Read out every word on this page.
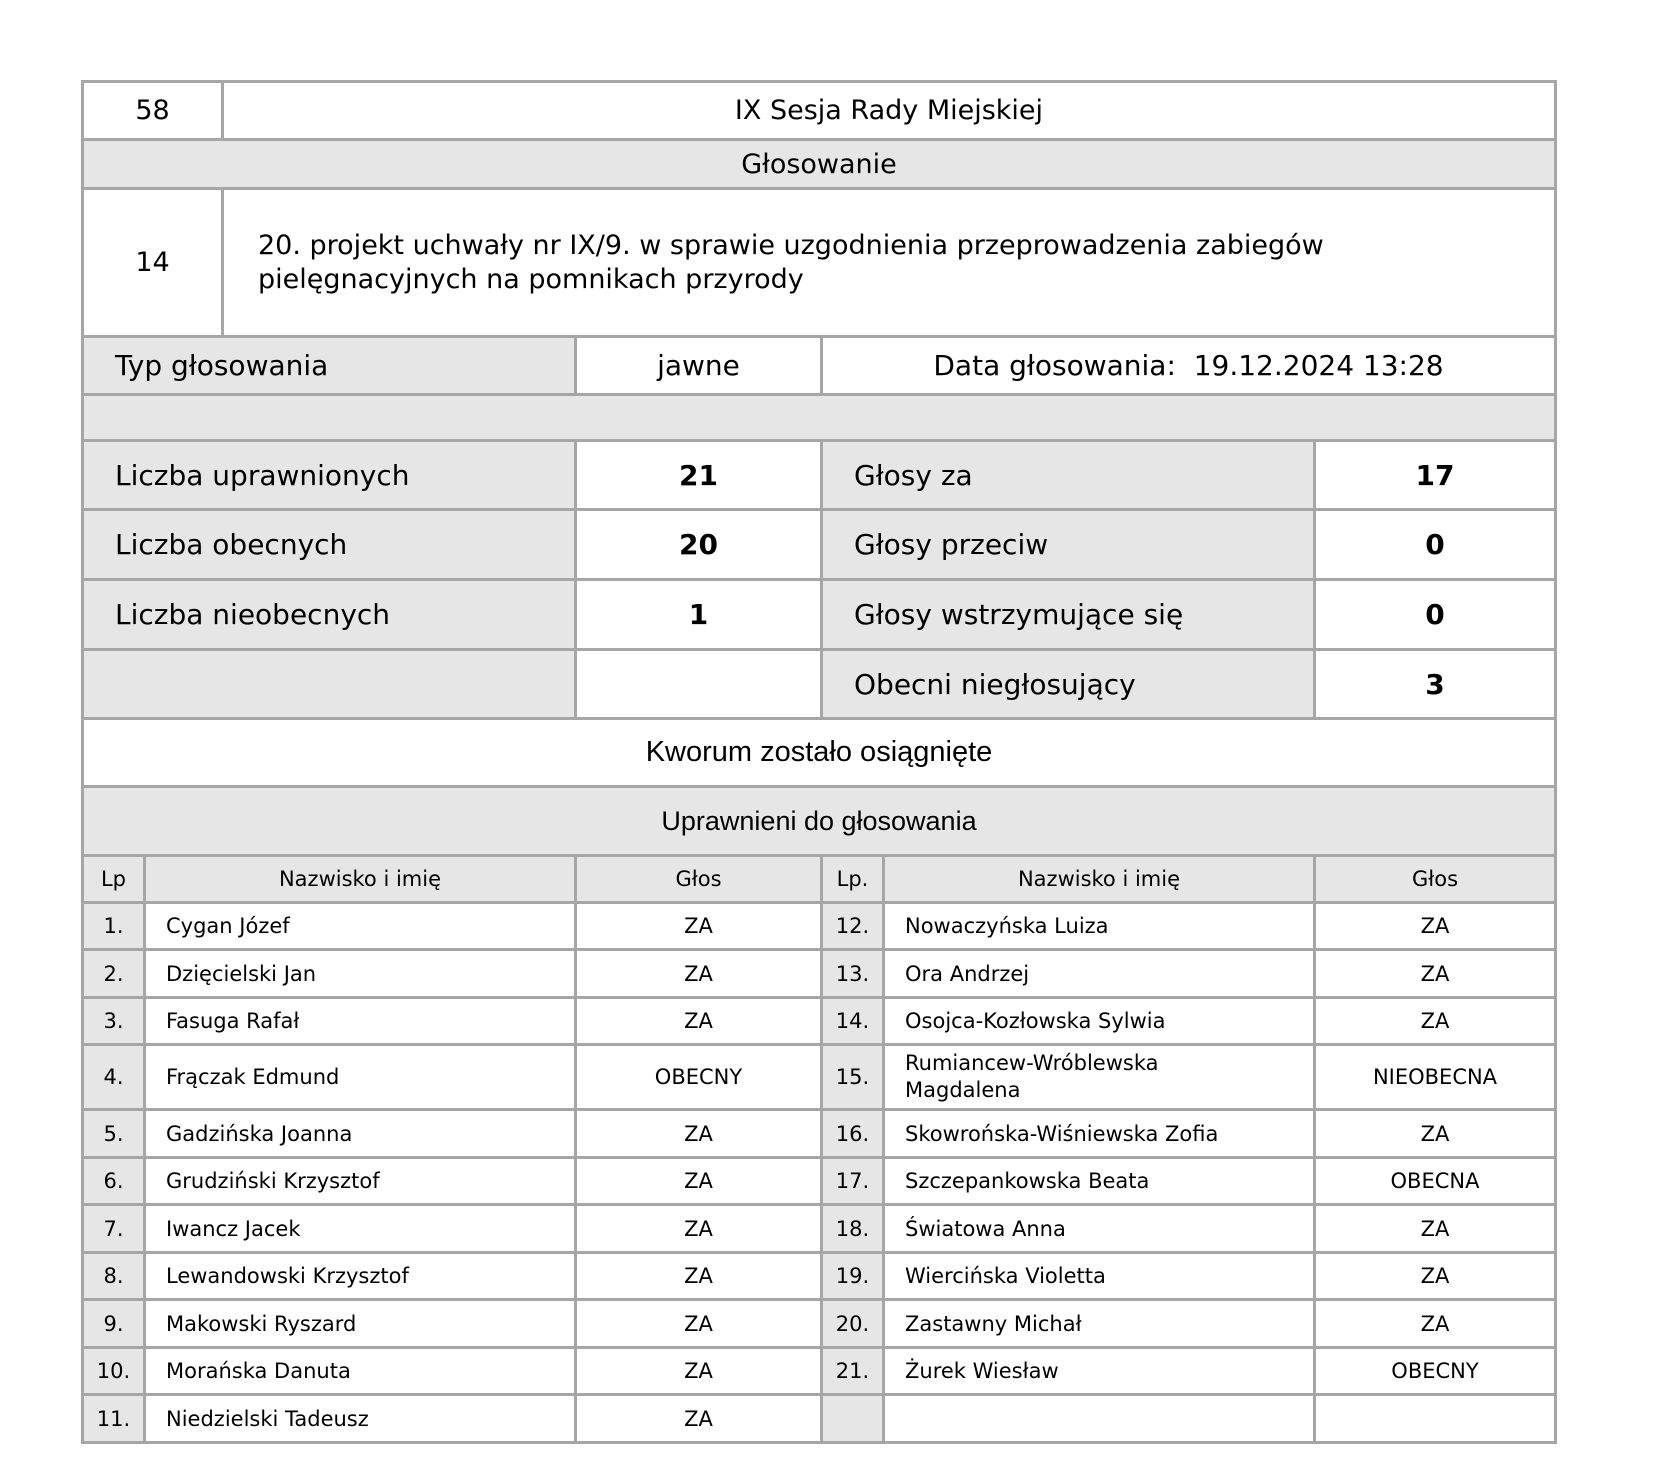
58	IX Sesja Rady Miejskiej
Głosowanie	
14	20. projekt uchwały nr IX/9. w sprawie uzgodnienia przeprowadzenia zabiegów
pielęgnacyjnych na pomnikach przyrody
Typ głosowania	jawne	Data głosowania: 19.12.2024 13:28	

Liczba uprawnionych	21	Głosy za	17
Liczba obecnych	20	Głosy przeciw	0
Liczba nieobecnych	1	Głosy wstrzymujące się	0
		Obecni niegłosujący	3
Kworum zostało osiągnięte			
Uprawnieni do głosowania			
Lp	Nazwisko i imię	Głos	Lp.	Nazwisko i imię	Głos
1.	Cygan Józef	ZA	12.	Nowaczyńska Luiza	ZA
2.	Dzięcielski Jan	ZA	13.	Ora Andrzej	ZA
3.	Fasuga Rafał	ZA	14.	Osojca-Kozłowska Sylwia	ZA
4.	Frączak Edmund	OBECNY	15.	Rumiancew-Wróblewska
Magdalena	NIEOBECNA
5.	Gadzińska Joanna	ZA	16.	Skowrońska-Wiśniewska Zofia	ZA
6.	Grudziński Krzysztof	ZA	17.	Szczepankowska Beata	OBECNA
7.	Iwancz Jacek	ZA	18.	Światowa Anna	ZA
8.	Lewandowski Krzysztof	ZA	19.	Wiercińska Violetta	ZA
9.	Makowski Ryszard	ZA	20.	Zastawny Michał	ZA
10.	Morańska Danuta	ZA	21.	Żurek Wiesław	OBECNY
11.	Niedzielski Tadeusz	ZA			
